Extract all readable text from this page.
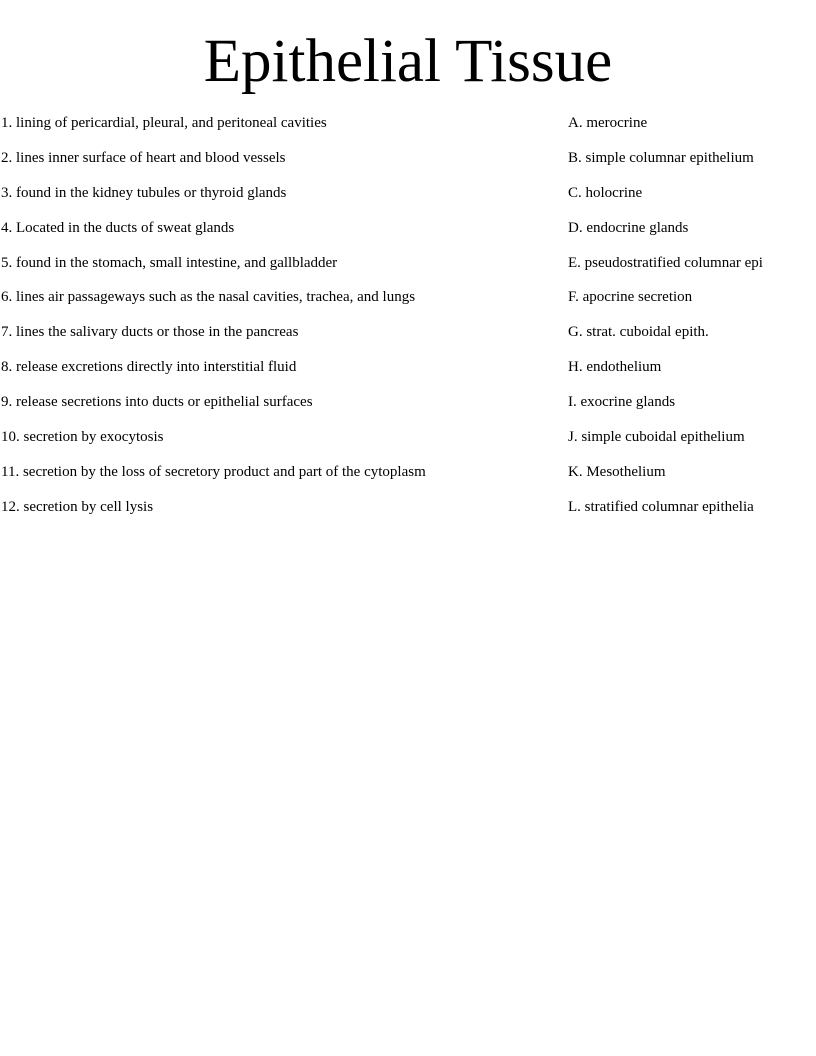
Epithelial Tissue
1. lining of pericardial, pleural, and peritoneal cavities
2. lines inner surface of heart and blood vessels
3. found in the kidney tubules or thyroid glands
4. Located in the ducts of sweat glands
5. found in the stomach, small intestine, and gallbladder
6. lines air passageways such as the nasal cavities, trachea, and lungs
7. lines the salivary ducts or those in the pancreas
8. release excretions directly into interstitial fluid
9. release secretions into ducts or epithelial surfaces
10. secretion by exocytosis
11. secretion by the loss of secretory product and part of the cytoplasm
12. secretion by cell lysis
A. merocrine
B. simple columnar epithelium
C. holocrine
D. endocrine glands
E. pseudostratified columnar epi
F. apocrine secretion
G. strat. cuboidal epith.
H. endothelium
I. exocrine glands
J. simple cuboidal epithelium
K. Mesothelium
L. stratified columnar epithelia
